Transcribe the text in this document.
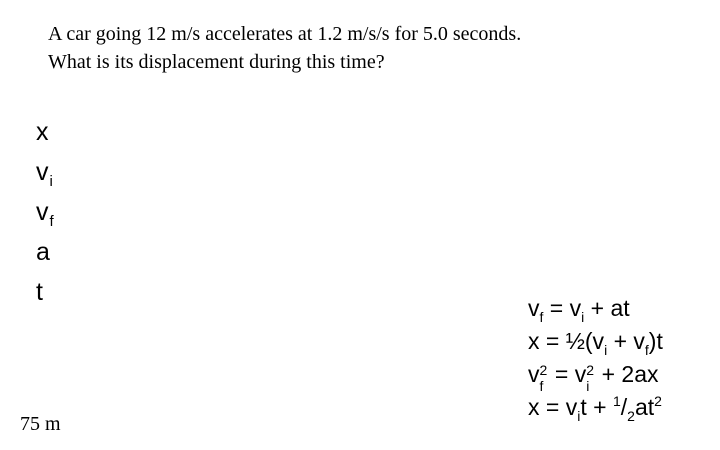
A car going 12 m/s accelerates at 1.2 m/s/s for 5.0 seconds.
What is its displacement during this time?
x
$v_i$
$v_f$
a
t
75 m
$v_f = v_i$ + at
$x = \frac{1}{2}(v_i + v_f)t$
v 2
f = v 2
i + 2ax
$x = v_it + ^1/_2at^2$
